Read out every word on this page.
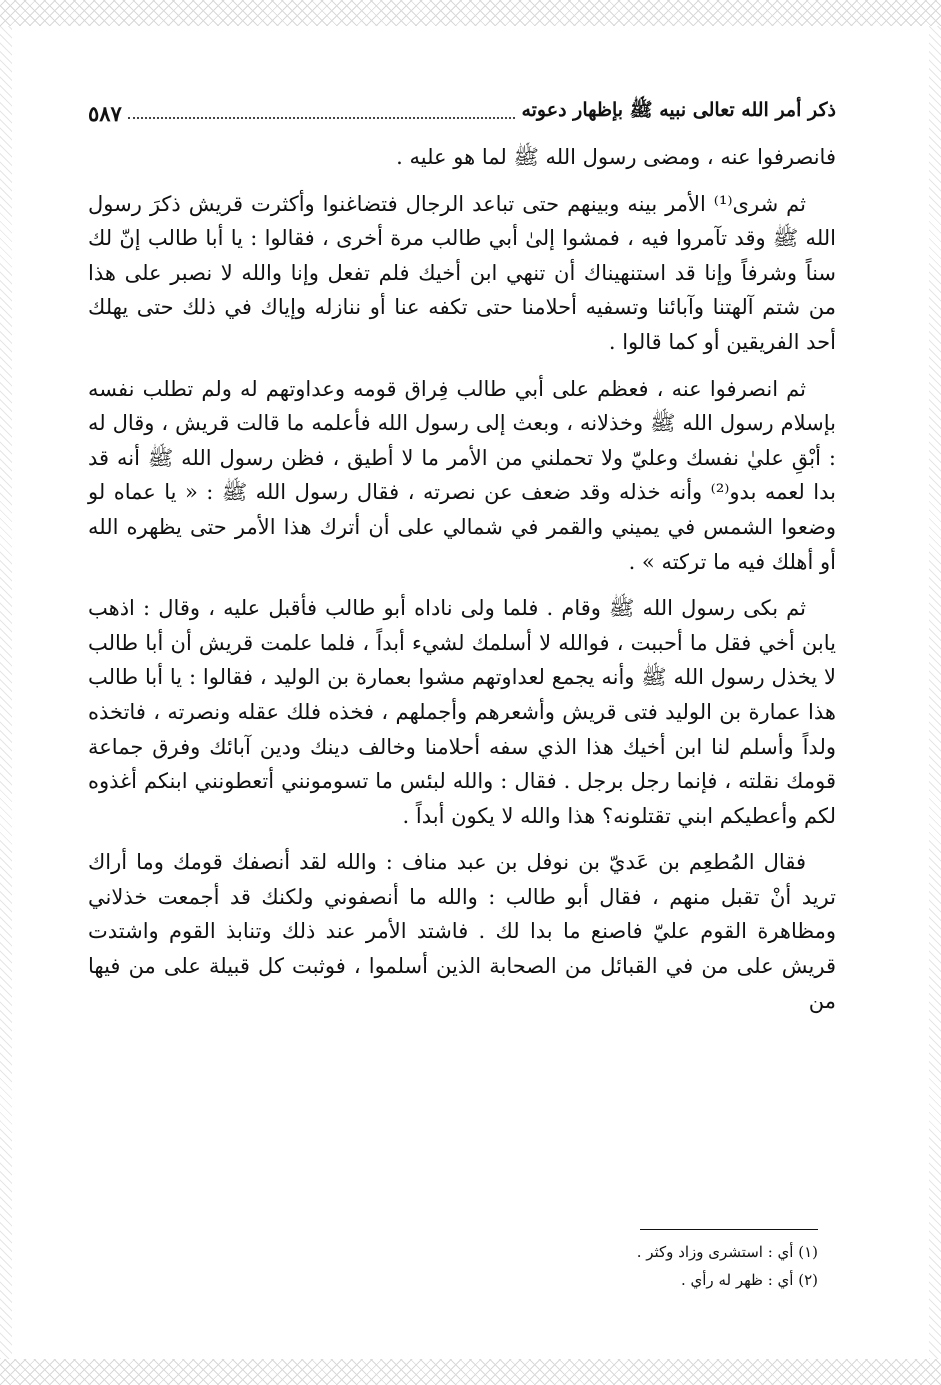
ذكر أمر الله تعالى نبيه ﷺ بإظهار دعوته
٥٨٧

فانصرفوا عنه ، ومضى رسول الله ﷺ لما هو عليه .

ثم شرى⁽¹⁾ الأمر بينه وبينهم حتى تباعد الرجال فتضاغنوا وأكثرت قريش ذكرَ رسول الله ﷺ وقد تآمروا فيه ، فمشوا إلىٰ أبي طالب مرة أخرى ، فقالوا : يا أبا طالب إنّ لك سناً وشرفاً وإنا قد استنهيناك أن تنهي ابن أخيك فلم تفعل وإنا والله لا نصبر على هذا من شتم آلهتنا وآبائنا وتسفيه أحلامنا حتى تكفه عنا أو ننازله وإياك في ذلك حتى يهلك أحد الفريقين أو كما قالوا .

ثم انصرفوا عنه ، فعظم على أبي طالب فِراق قومه وعداوتهم له ولم تطلب نفسه بإسلام رسول الله ﷺ وخذلانه ، وبعث إلى رسول الله فأعلمه ما قالت قريش ، وقال له : أبْقِ عليٰ نفسك وعليّ ولا تحملني من الأمر ما لا أطيق ، فظن رسول الله ﷺ أنه قد بدا لعمه بدو⁽²⁾ وأنه خذله وقد ضعف عن نصرته ، فقال رسول الله ﷺ : « يا عماه لو وضعوا الشمس في يميني والقمر في شمالي على أن أترك هذا الأمر حتى يظهره الله أو أهلك فيه ما تركته » .

ثم بكى رسول الله ﷺ وقام . فلما ولى ناداه أبو طالب فأقبل عليه ، وقال : اذهب يابن أخي فقل ما أحببت ، فوالله لا أسلمك لشيء أبداً ، فلما علمت قريش أن أبا طالب لا يخذل رسول الله ﷺ وأنه يجمع لعداوتهم مشوا بعمارة بن الوليد ، فقالوا : يا أبا طالب هذا عمارة بن الوليد فتى قريش وأشعرهم وأجملهم ، فخذه فلك عقله ونصرته ، فاتخذه ولداً وأسلم لنا ابن أخيك هذا الذي سفه أحلامنا وخالف دينك ودين آبائك وفرق جماعة قومك نقلته ، فإنما رجل برجل . فقال : والله لبئس ما تسومونني أتعطونني ابنكم أغذوه لكم وأعطيكم ابني تقتلونه؟ هذا والله لا يكون أبداً .

فقال المُطعِم بن عَديّ بن نوفل بن عبد مناف : والله لقد أنصفك قومك وما أراك تريد أنْ تقبل منهم ، فقال أبو طالب : والله ما أنصفوني ولكنك قد أجمعت خذلاني ومظاهرة القوم عليّ فاصنع ما بدا لك . فاشتد الأمر عند ذلك وتنابذ القوم واشتدت قريش على من في القبائل من الصحابة الذين أسلموا ، فوثبت كل قبيلة على من فيها من

(١) أي : استشرى وزاد وكثر .
(٢) أي : ظهر له رأي .
